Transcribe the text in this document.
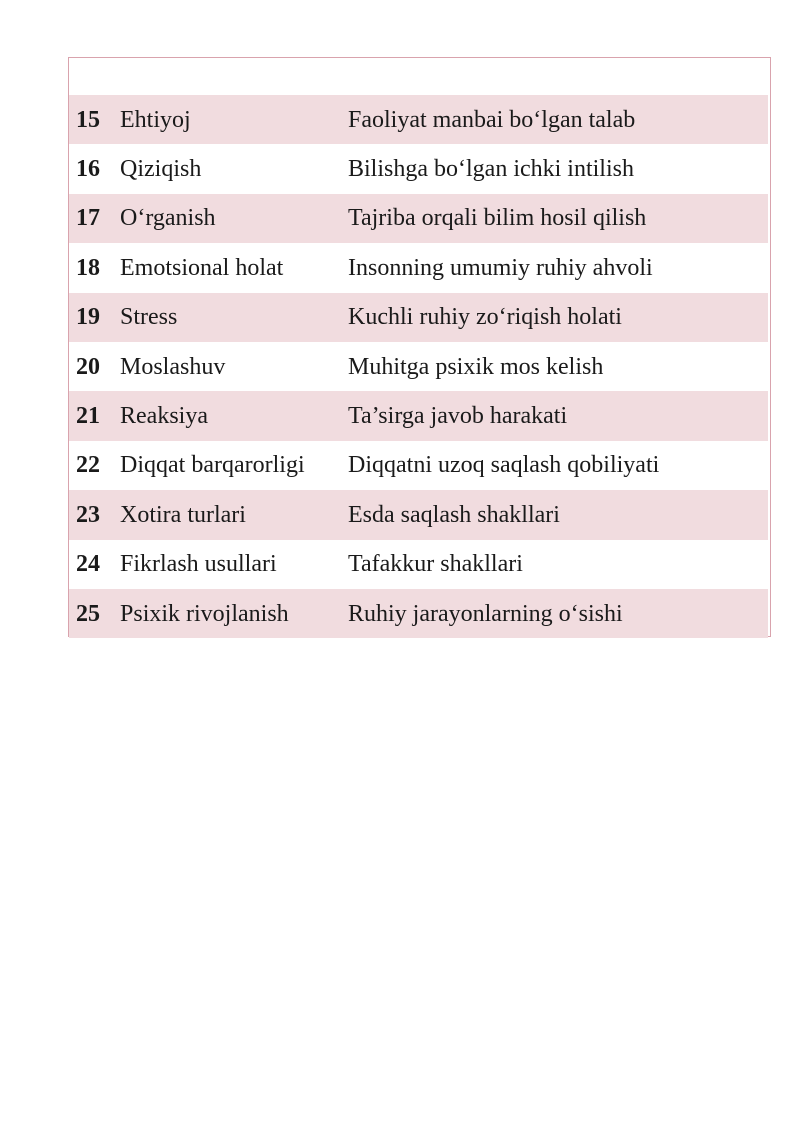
15 Ehtiyoj	Faoliyat manbai bo‘lgan talab
16 Qiziqish	Bilishga bo‘lgan ichki intilish
17 O‘rganish	Tajriba orqali bilim hosil qilish
18 Emotsional holat	Insonning umumiy ruhiy ahvoli
19 Stress	Kuchli ruhiy zo‘riqish holati
20 Moslashuv	Muhitga psixik mos kelish
21 Reaksiya	Ta’sirga javob harakati
22 Diqqat barqarorligi	Diqqatni uzoq saqlash qobiliyati
23 Xotira turlari	Esda saqlash shakllari
24 Fikrlash usullari	Tafakkur shakllari
25 Psixik rivojlanish	Ruhiy jarayonlarning o‘sishi
